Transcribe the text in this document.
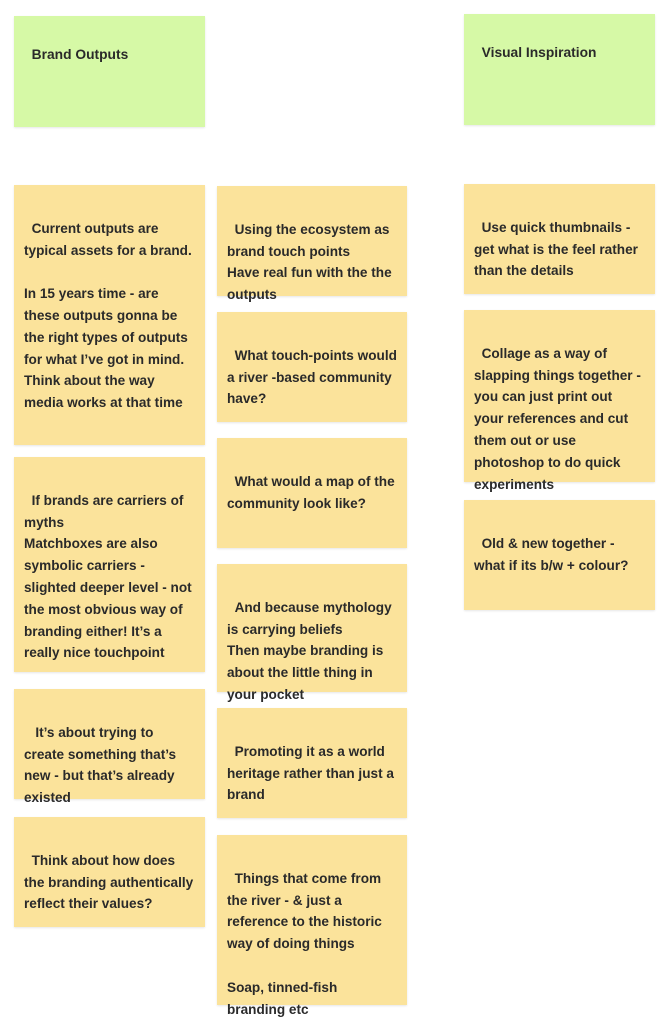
Brand Outputs	Visual Inspiration

Current outputs are typical assets for a brand.

In 15 years time - are these outputs gonna be the right types of outputs for what I’ve got in mind. Think about the way media works at that time

If brands are carriers of myths
Matchboxes are also symbolic carriers - slighted deeper level - not the most obvious way of branding either! It’s a really nice touchpoint

It’s about trying to create something that’s new - but that’s already existed

Think about how does the branding authentically reflect their values?

Using the ecosystem as brand touch points
Have real fun with the the outputs

What touch-points would a river -based community have?

What would a map of the community look like?

And because mythology is carrying beliefs
Then maybe branding is about the little thing in your pocket

Promoting it as a world heritage rather than just a brand

Things that come from the river - & just a reference to the historic way of doing things

Soap, tinned-fish branding etc

Use quick thumbnails - get what is the feel rather than the details

Collage as a way of slapping things together - you can just print out your references and cut them out or use photoshop to do quick experiments

Old & new together - what if its b/w + colour?
